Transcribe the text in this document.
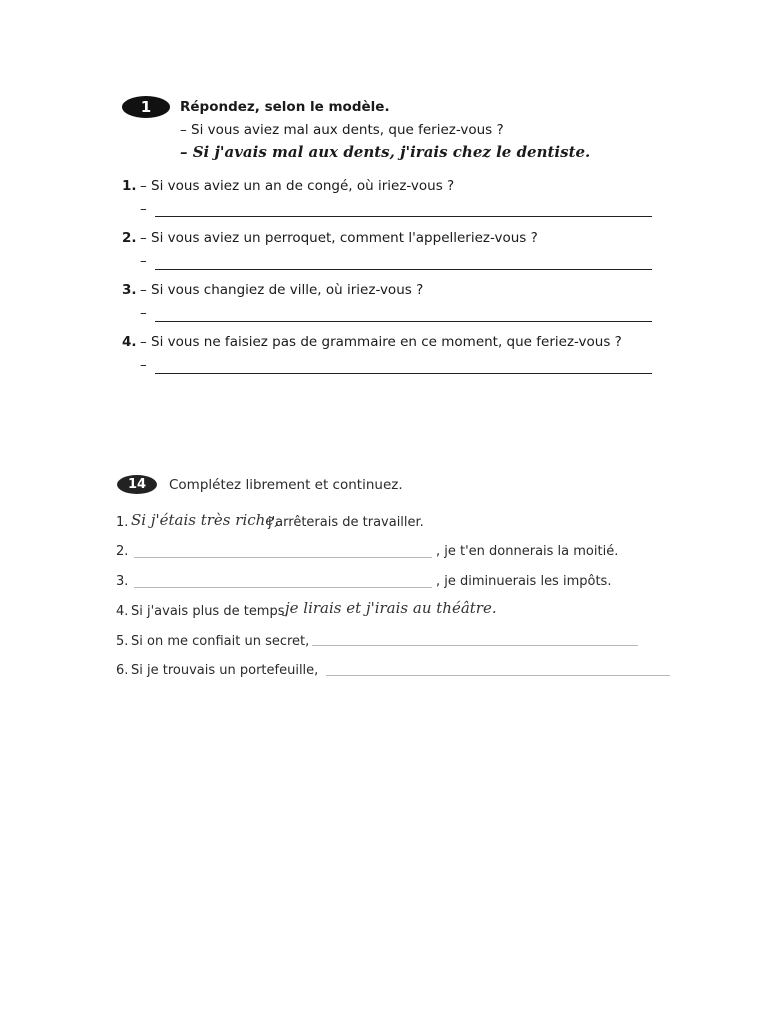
1	Répondez, selon le modèle.
– Si vous aviez mal aux dents, que feriez-vous ?
– Si j'avais mal aux dents, j'irais chez le dentiste.
1. – Si vous aviez un an de congé, où iriez-vous ?
–
2. – Si vous aviez un perroquet, comment l'appelleriez-vous ?
–
3. – Si vous changiez de ville, où iriez-vous ?
–
4. – Si vous ne faisiez pas de grammaire en ce moment, que feriez-vous ?
–
14	Complétez librement et continuez.
1. Si j'étais très riche,
j'arrêterais de travailler.
2.	, je t'en donnerais la moitié.
3.	, je diminuerais les impôts.
4. Si j'avais plus de temps,
je lirais et j'irais au théâtre.
5. Si on me confiait un secret,
6. Si je trouvais un portefeuille,
